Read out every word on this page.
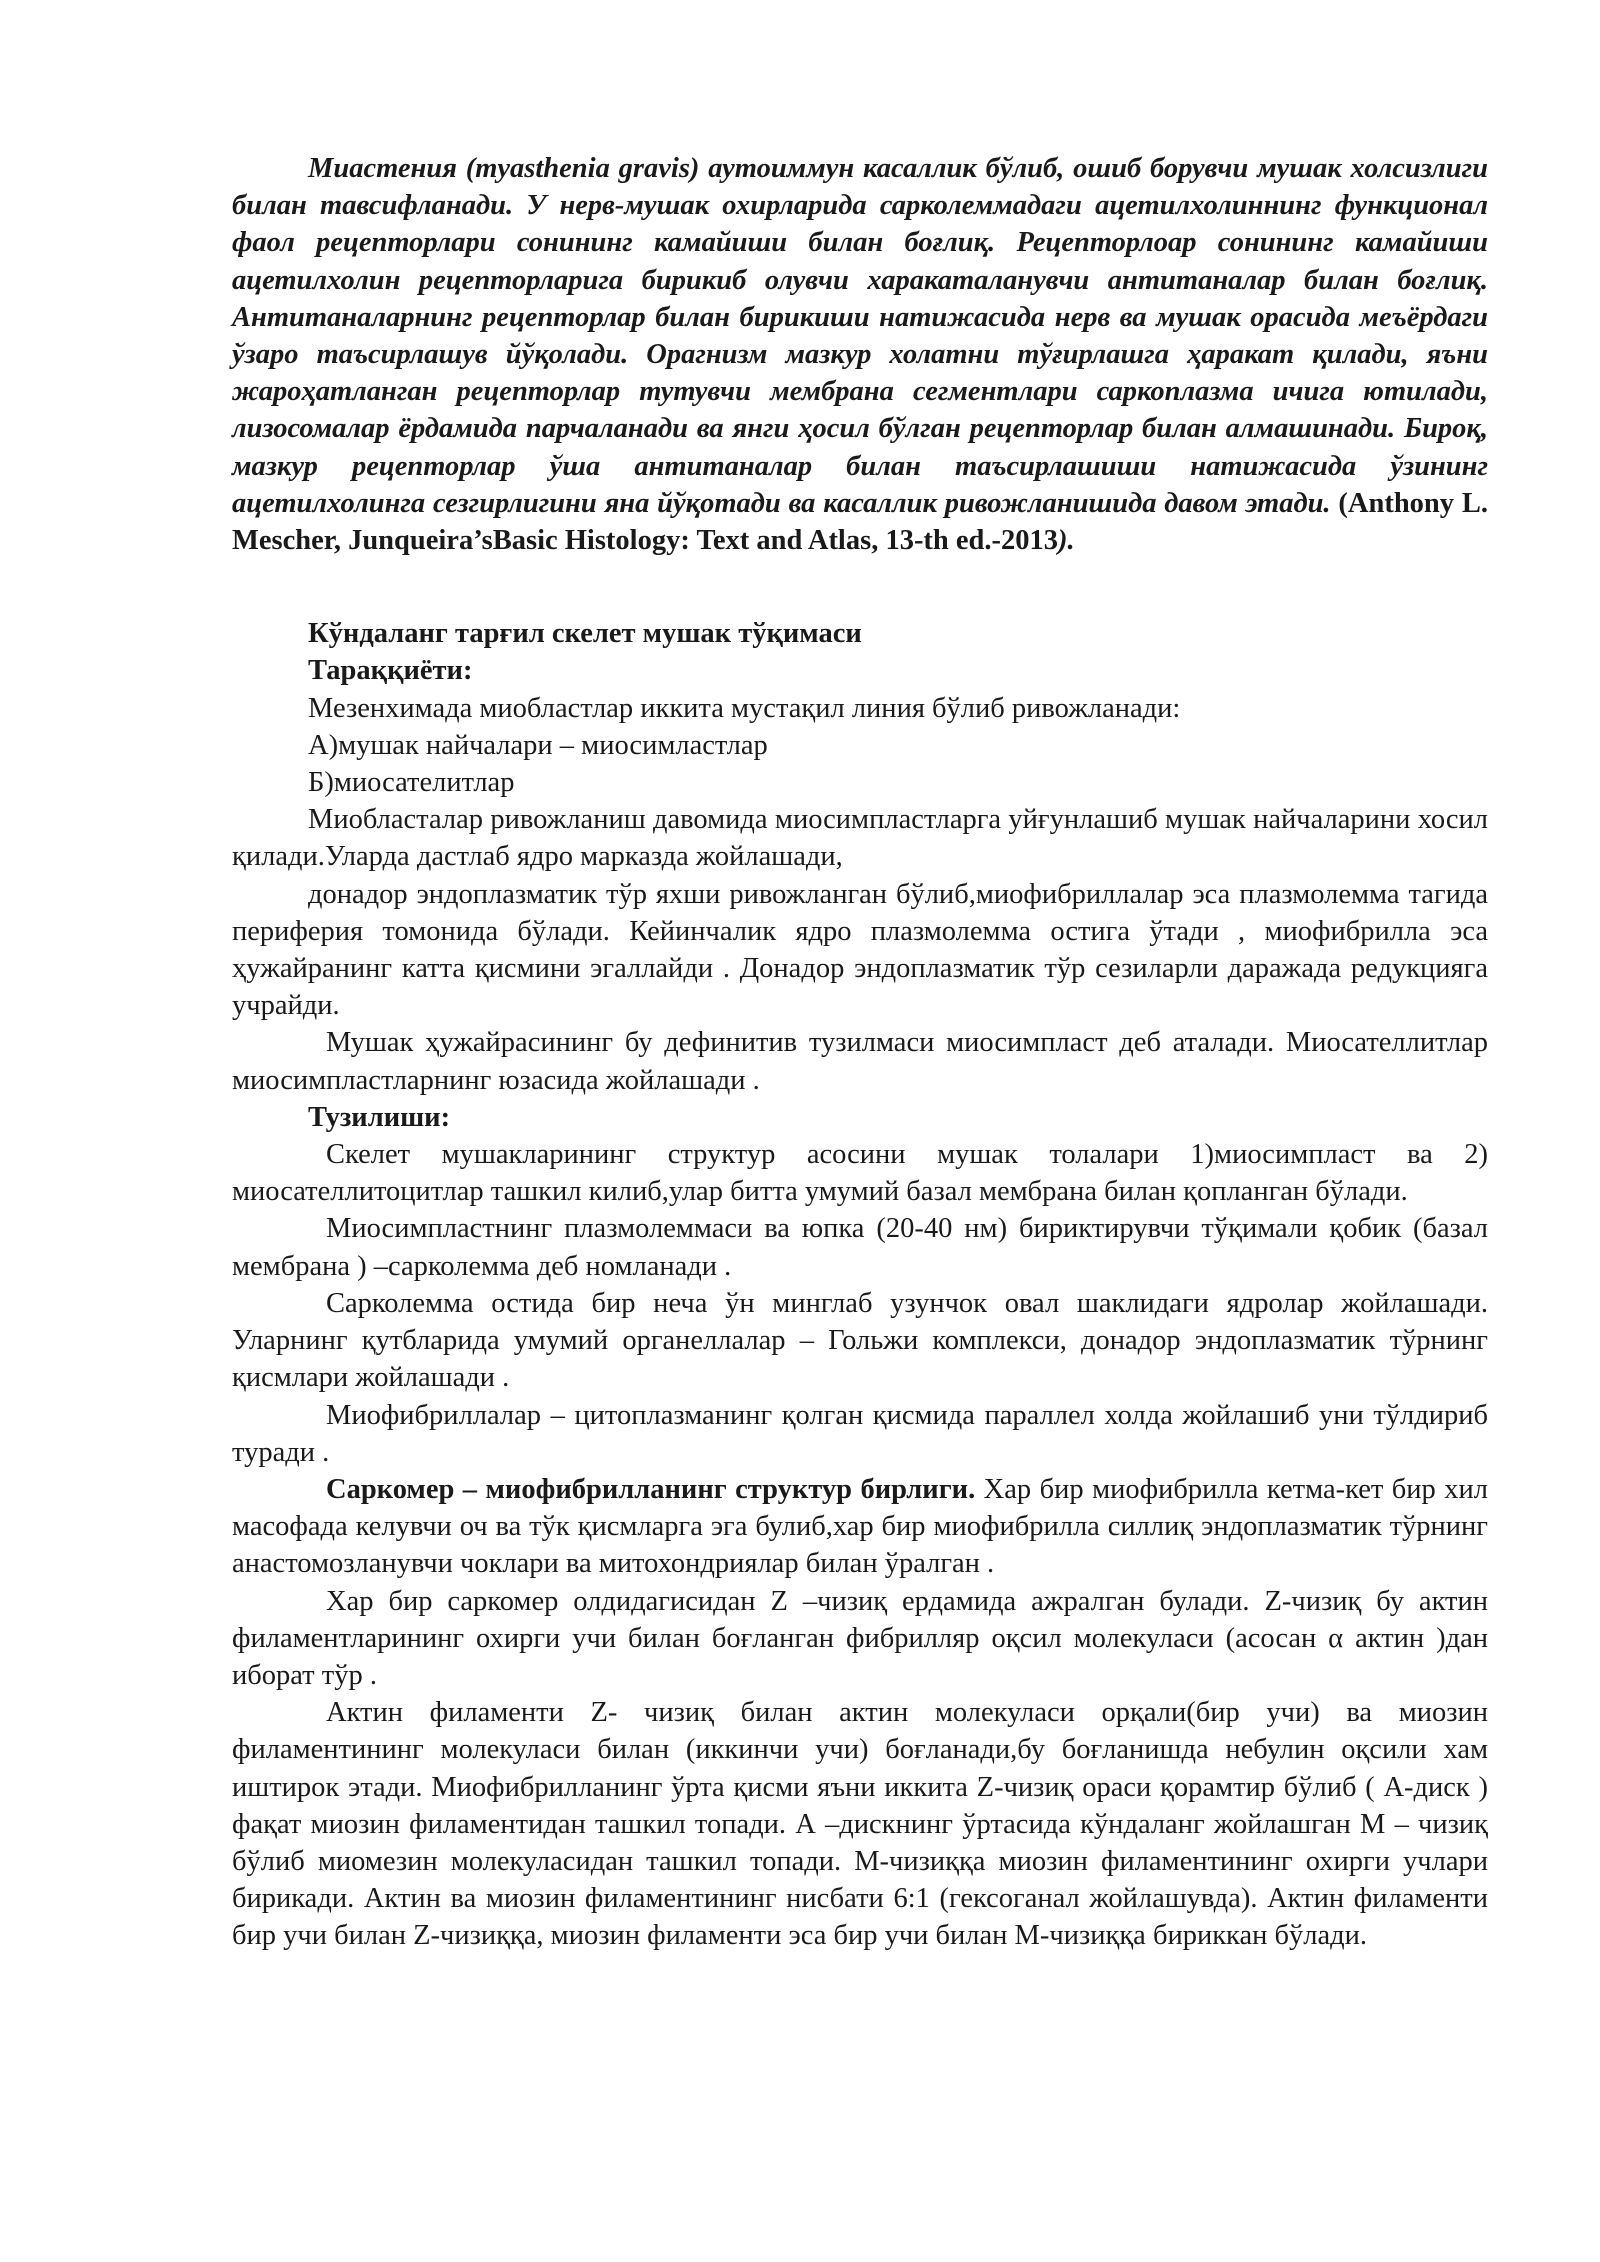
Миастения (myasthenia gravis) аутоиммун касаллик бўлиб, ошиб борувчи мушак холсизлиги билан тавсифланади. У нерв-мушак охирларида сарколеммадаги ацетилхолиннинг функционал фаол рецепторлари сонининг камайиши билан боғлиқ. Рецепторлоар сонининг камайиши ацетилхолин рецепторларига бирикиб олувчи харакаталанувчи антитаналар билан боғлиқ. Антитаналарнинг рецепторлар билан бирикиши натижасида нерв ва мушак орасида меъёрдаги ўзаро таъсирлашув йўқолади. Орагнизм мазкур холатни тўғирлашга ҳаракат қилади, яъни жароҳатланган рецепторлар тутувчи мембрана сегментлари саркоплазма ичига ютилади, лизосомалар ёрдамида парчаланади ва янги ҳосил бўлган рецепторлар билан алмашинади. Бироқ, мазкур рецепторлар ўша антитаналар билан таъсирлашиши натижасида ўзининг ацетилхолинга сезгирлигини яна йўқотади ва касаллик ривожланишида давом этади. (Anthony L. Mescher, Junqueira’sBasic Histology: Text and Atlas, 13-th ed.-2013).

Кўндаланг тарғил скелет мушак тўқимаси

Тараққиёти:

Мезенхимада миобластлар иккита мустақил линия бўлиб ривожланади:

А)мушак найчалари – миосимластлар

Б)миосателитлар

Миобласталар ривожланиш давомида миосимпластларга уйғунлашиб мушак найчаларини хосил қилади.Уларда дастлаб ядро марказда жойлашади,

донадор эндоплазматик тўр яхши ривожланган бўлиб,миофибриллалар эса плазмолемма тагида периферия томонида бўлади. Кейинчалик ядро плазмолемма остига ўтади , миофибрилла эса ҳужайранинг катта қисмини эгаллайди . Донадор эндоплазматик тўр сезиларли даражада редукцияга учрайди.

Мушак ҳужайрасининг бу дефинитив тузилмаси миосимпласт деб аталади. Миосателлитлар миосимпластларнинг юзасида жойлашади .

Тузилиши:

Скелет мушакларининг структур асосини мушак толалари 1)миосимпласт ва 2) миосателлитоцитлар ташкил килиб,улар битта умумий базал мембрана билан қопланган бўлади.

Миосимпластнинг плазмолеммаси ва юпка (20-40 нм) бириктирувчи тўқимали қобик (базал мембрана ) –сарколемма деб номланади .

Сарколемма остида бир неча ўн минглаб узунчок овал шаклидаги ядролар жойлашади. Уларнинг қутбларида умумий органеллалар – Гольжи комплекси, донадор эндоплазматик тўрнинг қисмлари жойлашади .

Миофибриллалар – цитоплазманинг қолган қисмида параллел холда жойлашиб уни тўлдириб туради .

Саркомер – миофибрилланинг структур бирлиги. Хар бир миофибрилла кетма-кет бир хил масофада келувчи оч ва тўк қисмларга эга булиб,хар бир миофибрилла силлиқ эндоплазматик тўрнинг анастомозланувчи чоклари ва митохондриялар билан ўралган .

Хар бир саркомер олдидагисидан Z –чизиқ ердамида ажралган булади. Z-чизиқ бу актин филаментларининг охирги учи билан боғланган фибрилляр оқсил молекуласи (асосан α актин )дан иборат тўр .

Актин филаменти Z- чизиқ билан актин молекуласи орқали(бир учи) ва миозин филаментининг молекуласи билан (иккинчи учи) боғланади,бу боғланишда небулин оқсили хам иштирок этади. Миофибрилланинг ўрта қисми яъни иккита Z-чизиқ ораси қорамтир бўлиб ( А-диск ) фақат миозин филаментидан ташкил топади. А –дискнинг ўртасида кўндаланг жойлашган М – чизиқ бўлиб миомезин молекуласидан ташкил топади. М-чизиққа миозин филаментининг охирги учлари бирикади. Актин ва миозин филаментининг нисбати 6:1 (гексоганал жойлашувда). Актин филаменти бир учи билан Z-чизиққа, миозин филаменти эса бир учи билан М-чизиққа бириккан бўлади.
